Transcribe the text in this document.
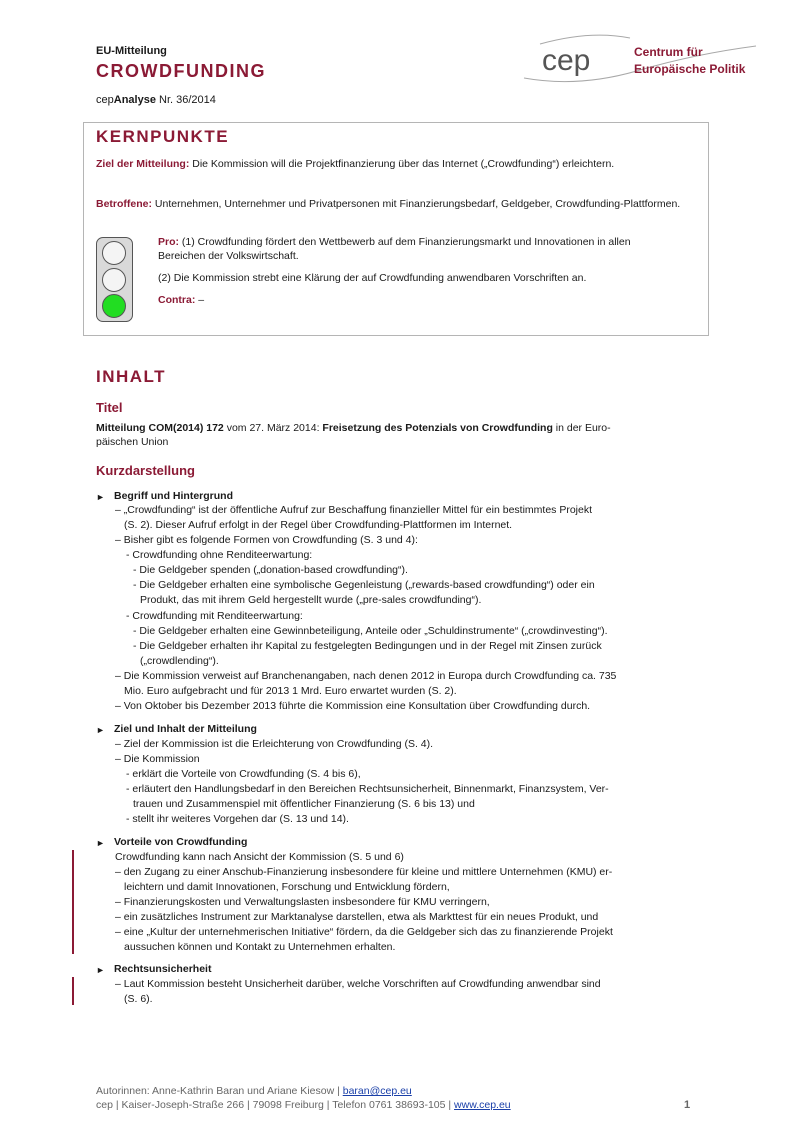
EU-Mitteilung
CROWDFUNDING
cepAnalyse Nr. 36/2014
cep	Centrum für
Europäische Politik
KERNPUNKTE
Ziel der Mitteilung: Die Kommission will die Projektfinanzierung über das Internet („Crowdfunding“) erleichtern.
Betroffene: Unternehmen, Unternehmer und Privatpersonen mit Finanzierungsbedarf, Geldgeber, Crowdfunding-Plattformen.
Pro: (1) Crowdfunding fördert den Wettbewerb auf dem Finanzierungsmarkt und Innovationen in allen Bereichen der Volkswirtschaft.
(2) Die Kommission strebt eine Klärung der auf Crowdfunding anwendbaren Vorschriften an.
Contra: –
INHALT
Titel
Mitteilung COM(2014) 172 vom 27. März 2014: Freisetzung des Potenzials von Crowdfunding in der Euro-
päischen Union
Kurzdarstellung
► Begriff und Hintergrund
– „Crowdfunding“ ist der öffentliche Aufruf zur Beschaffung finanzieller Mittel für ein bestimmtes Projekt
(S. 2). Dieser Aufruf erfolgt in der Regel über Crowdfunding-Plattformen im Internet.
– Bisher gibt es folgende Formen von Crowdfunding (S. 3 und 4):
- Crowdfunding ohne Renditeerwartung:
- Die Geldgeber spenden („donation-based crowdfunding“).
- Die Geldgeber erhalten eine symbolische Gegenleistung („rewards-based crowdfunding“) oder ein
Produkt, das mit ihrem Geld hergestellt wurde („pre-sales crowdfunding“).
- Crowdfunding mit Renditeerwartung:
- Die Geldgeber erhalten eine Gewinnbeteiligung, Anteile oder „Schuldinstrumente“ („crowdinvesting“).
- Die Geldgeber erhalten ihr Kapital zu festgelegten Bedingungen und in der Regel mit Zinsen zurück
(„crowdlending“).
– Die Kommission verweist auf Branchenangaben, nach denen 2012 in Europa durch Crowdfunding ca. 735
Mio. Euro aufgebracht und für 2013 1 Mrd. Euro erwartet wurden (S. 2).
– Von Oktober bis Dezember 2013 führte die Kommission eine Konsultation über Crowdfunding durch.
► Ziel und Inhalt der Mitteilung
– Ziel der Kommission ist die Erleichterung von Crowdfunding (S. 4).
– Die Kommission
- erklärt die Vorteile von Crowdfunding (S. 4 bis 6),
- erläutert den Handlungsbedarf in den Bereichen Rechtsunsicherheit, Binnenmarkt, Finanzsystem, Ver-
trauen und Zusammenspiel mit öffentlicher Finanzierung (S. 6 bis 13) und
- stellt ihr weiteres Vorgehen dar (S. 13 und 14).
► Vorteile von Crowdfunding
Crowdfunding kann nach Ansicht der Kommission (S. 5 und 6)
– den Zugang zu einer Anschub-Finanzierung insbesondere für kleine und mittlere Unternehmen (KMU) er-
leichtern und damit Innovationen, Forschung und Entwicklung fördern,
– Finanzierungskosten und Verwaltungslasten insbesondere für KMU verringern,
– ein zusätzliches Instrument zur Marktanalyse darstellen, etwa als Markttest für ein neues Produkt, und
– eine „Kultur der unternehmerischen Initiative“ fördern, da die Geldgeber sich das zu finanzierende Projekt
aussuchen können und Kontakt zu Unternehmen erhalten.
► Rechtsunsicherheit
– Laut Kommission besteht Unsicherheit darüber, welche Vorschriften auf Crowdfunding anwendbar sind
(S. 6).
Autorinnen: Anne-Kathrin Baran und Ariane Kiesow | baran@cep.eu
cep | Kaiser-Joseph-Straße 266 | 79098 Freiburg | Telefon 0761 38693-105 | www.cep.eu	1
